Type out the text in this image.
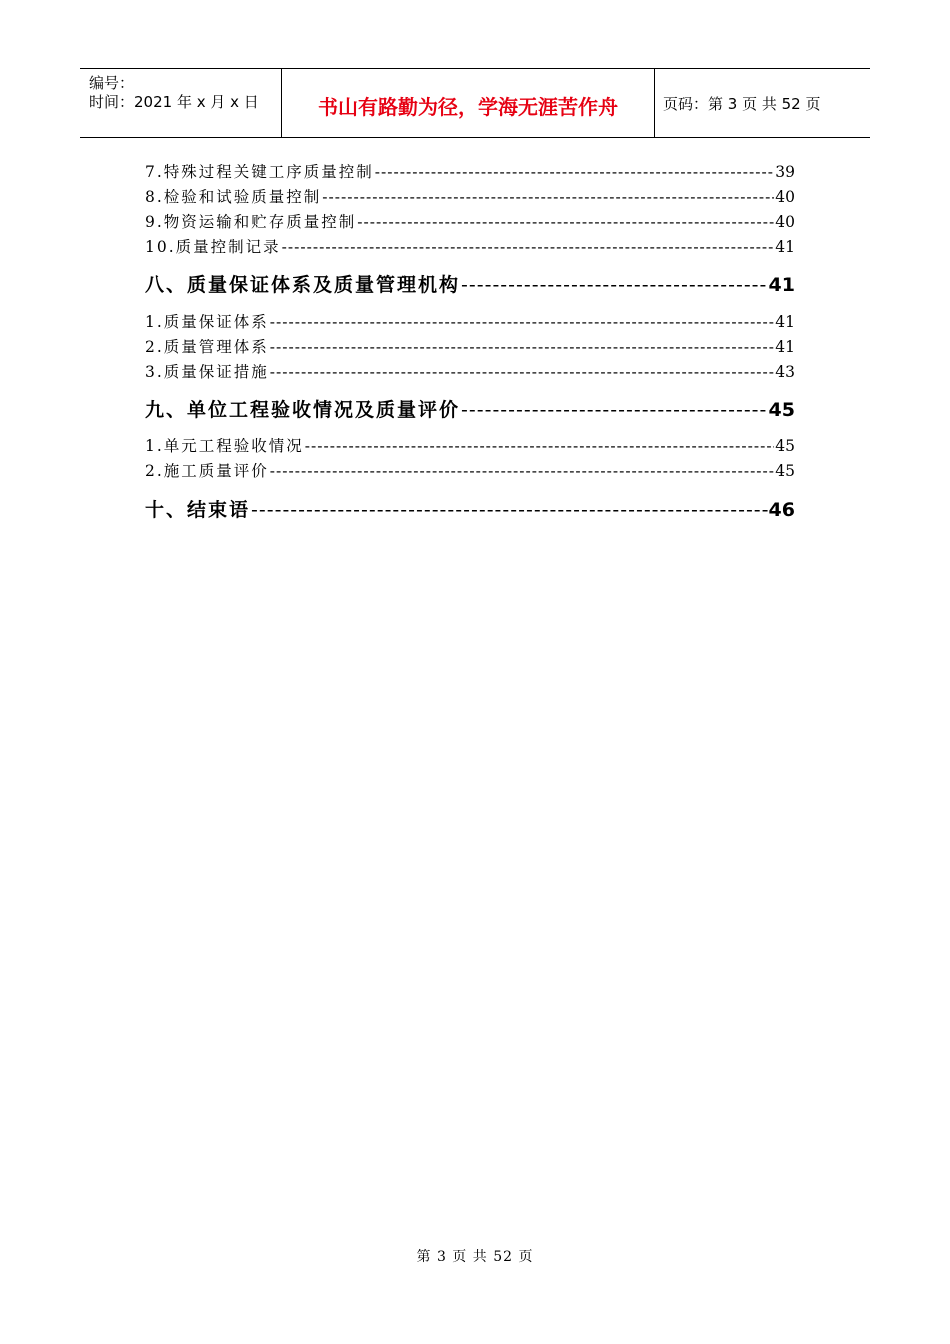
编号：
时间：2021 年 x 月 x 日	书山有路勤为径，学海无涯苦作舟	页码：第 3 页 共 52 页
7.特殊过程关键工序质量控制 -----	39
8.检验和试验质量控制 -----	40
9.物资运输和贮存质量控制 -----	40
10.质量控制记录 -----	41
八、质量保证体系及质量管理机构 -----	41
1.质量保证体系 -----	41
2.质量管理体系 -----	41
3.质量保证措施 -----	43
九、单位工程验收情况及质量评价 -----	45
1.单元工程验收情况 -----	45
2.施工质量评价 -----	45
十、结束语 -----	46
第 3 页 共 52 页
